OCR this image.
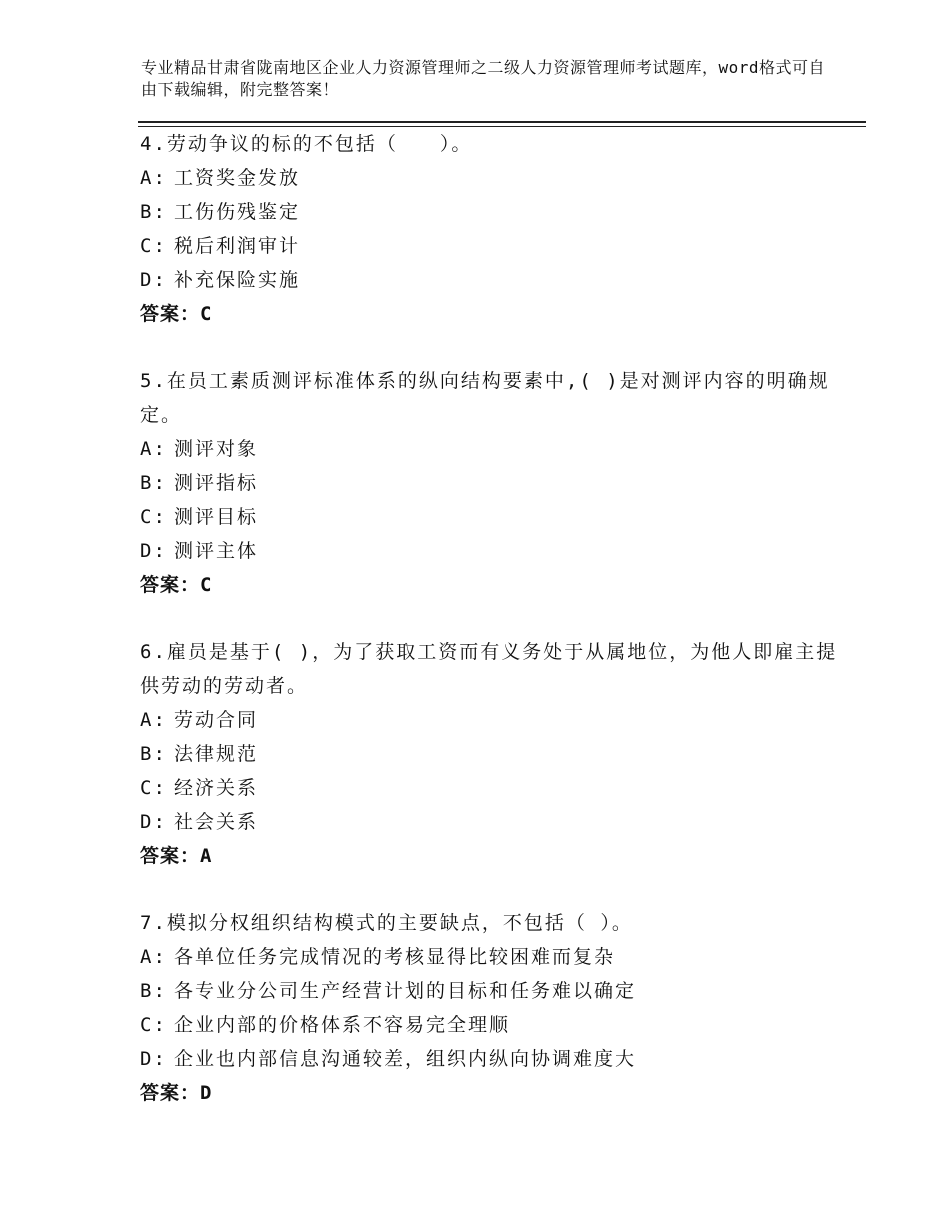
专业精品甘肃省陇南地区企业人力资源管理师之二级人力资源管理师考试题库，word格式可自由下载编辑，附完整答案！
4.劳动争议的标的不包括（　　）。
A: 工资奖金发放
B: 工伤伤残鉴定
C: 税后利润审计
D: 补充保险实施
答案：C
5.在员工素质测评标准体系的纵向结构要素中,( )是对测评内容的明确规定。
A: 测评对象
B: 测评指标
C: 测评目标
D: 测评主体
答案：C
6.雇员是基于( )，为了获取工资而有义务处于从属地位，为他人即雇主提供劳动的劳动者。
A: 劳动合同
B: 法律规范
C: 经济关系
D: 社会关系
答案：A
7.模拟分权组织结构模式的主要缺点，不包括（ ）。
A: 各单位任务完成情况的考核显得比较困难而复杂
B: 各专业分公司生产经营计划的目标和任务难以确定
C: 企业内部的价格体系不容易完全理顺
D: 企业也内部信息沟通较差，组织内纵向协调难度大
答案：D
